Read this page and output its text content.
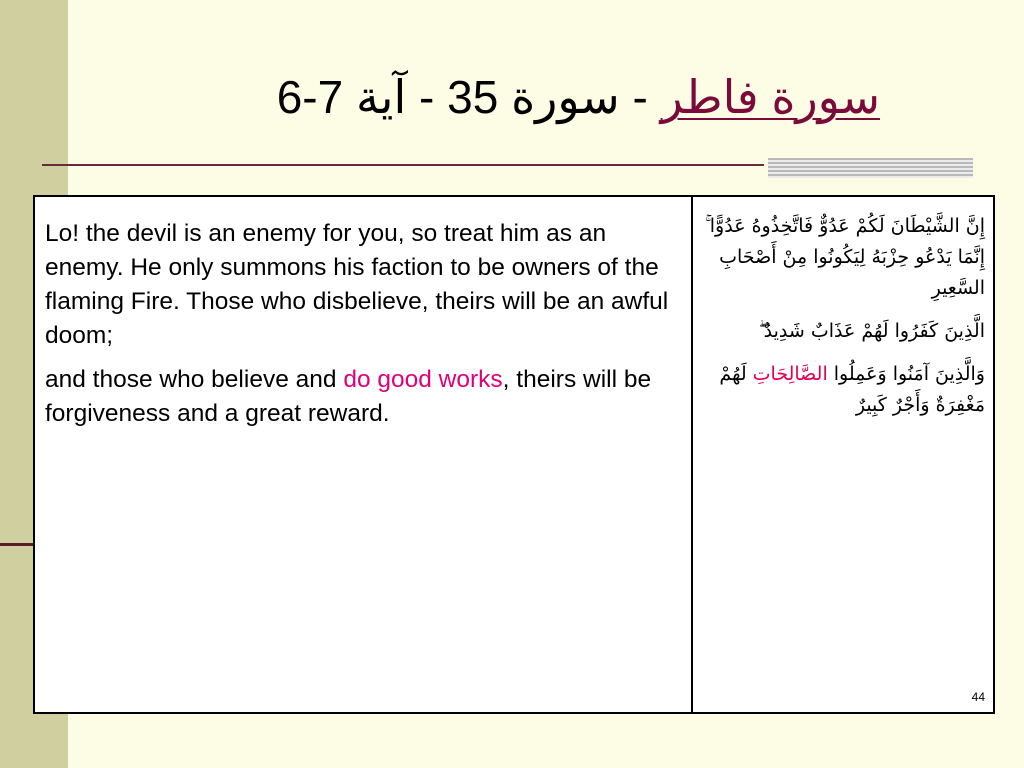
سورة فاطر - سورة 35 - آية 6-7

Lo! the devil is an enemy for you, so treat him as an enemy. He only summons his faction to be owners of the flaming Fire. Those who disbelieve, theirs will be an awful doom;

and those who believe and do good works, theirs will be forgiveness and a great reward.

إِنَّ الشَّيْطَانَ لَكُمْ عَدُوٌّ فَاتَّخِذُوهُ عَدُوًّا ۚ إِنَّمَا يَدْعُو حِزْبَهُ لِيَكُونُوا مِنْ أَصْحَابِ السَّعِيرِ

الَّذِينَ كَفَرُوا لَهُمْ عَذَابٌ شَدِيدٌ ۖ

وَالَّذِينَ آمَنُوا وَعَمِلُوا الصَّالِحَاتِ لَهُمْ مَغْفِرَةٌ وَأَجْرٌ كَبِيرٌ

44
